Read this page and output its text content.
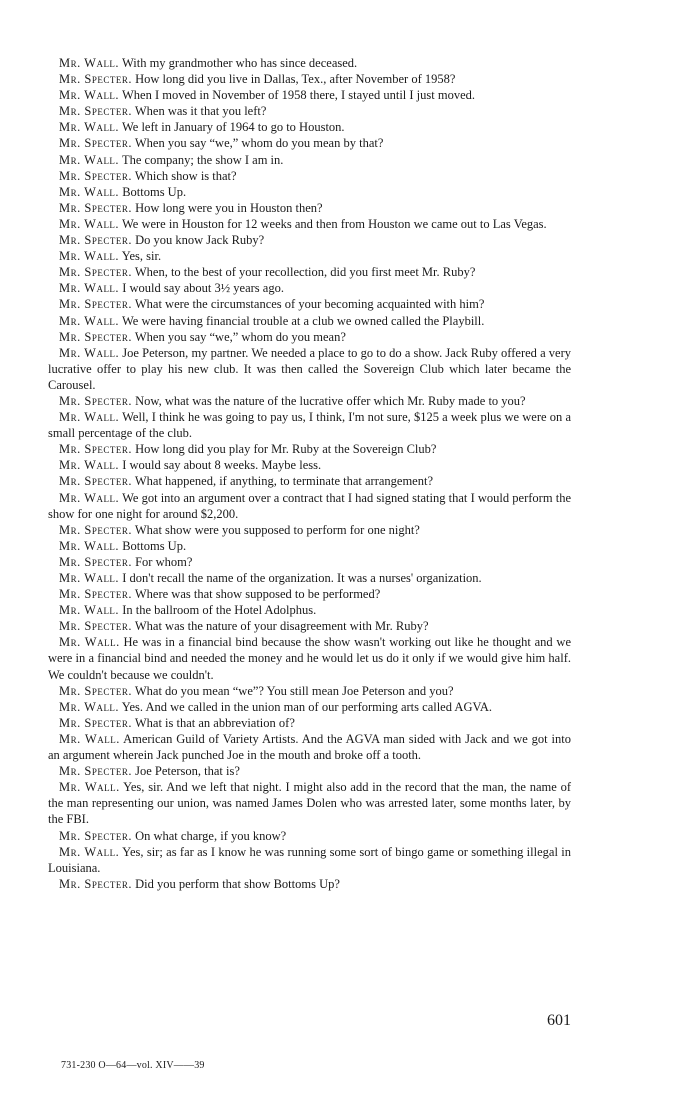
Mr. Wall. With my grandmother who has since deceased.

Mr. Specter. How long did you live in Dallas, Tex., after November of 1958?

Mr. Wall. When I moved in November of 1958 there, I stayed until I just moved.

Mr. Specter. When was it that you left?

Mr. Wall. We left in January of 1964 to go to Houston.

Mr. Specter. When you say “we,” whom do you mean by that?

Mr. Wall. The company; the show I am in.

Mr. Specter. Which show is that?

Mr. Wall. Bottoms Up.

Mr. Specter. How long were you in Houston then?

Mr. Wall. We were in Houston for 12 weeks and then from Houston we came out to Las Vegas.

Mr. Specter. Do you know Jack Ruby?

Mr. Wall. Yes, sir.

Mr. Specter. When, to the best of your recollection, did you first meet Mr. Ruby?

Mr. Wall. I would say about 3½ years ago.

Mr. Specter. What were the circumstances of your becoming acquainted with him?

Mr. Wall. We were having financial trouble at a club we owned called the Playbill.

Mr. Specter. When you say “we,” whom do you mean?

Mr. Wall. Joe Peterson, my partner. We needed a place to go to do a show. Jack Ruby offered a very lucrative offer to play his new club. It was then called the Sovereign Club which later became the Carousel.

Mr. Specter. Now, what was the nature of the lucrative offer which Mr. Ruby made to you?

Mr. Wall. Well, I think he was going to pay us, I think, I'm not sure, $125 a week plus we were on a small percentage of the club.

Mr. Specter. How long did you play for Mr. Ruby at the Sovereign Club?

Mr. Wall. I would say about 8 weeks. Maybe less.

Mr. Specter. What happened, if anything, to terminate that arrangement?

Mr. Wall. We got into an argument over a contract that I had signed stating that I would perform the show for one night for around $2,200.

Mr. Specter. What show were you supposed to perform for one night?

Mr. Wall. Bottoms Up.

Mr. Specter. For whom?

Mr. Wall. I don't recall the name of the organization. It was a nurses' organization.

Mr. Specter. Where was that show supposed to be performed?

Mr. Wall. In the ballroom of the Hotel Adolphus.

Mr. Specter. What was the nature of your disagreement with Mr. Ruby?

Mr. Wall. He was in a financial bind because the show wasn't working out like he thought and we were in a financial bind and needed the money and he would let us do it only if we would give him half. We couldn't because we couldn't.

Mr. Specter. What do you mean “we”? You still mean Joe Peterson and you?

Mr. Wall. Yes. And we called in the union man of our performing arts called AGVA.

Mr. Specter. What is that an abbreviation of?

Mr. Wall. American Guild of Variety Artists. And the AGVA man sided with Jack and we got into an argument wherein Jack punched Joe in the mouth and broke off a tooth.

Mr. Specter. Joe Peterson, that is?

Mr. Wall. Yes, sir. And we left that night. I might also add in the record that the man, the name of the man representing our union, was named James Dolen who was arrested later, some months later, by the FBI.

Mr. Specter. On what charge, if you know?

Mr. Wall. Yes, sir; as far as I know he was running some sort of bingo game or something illegal in Louisiana.

Mr. Specter. Did you perform that show Bottoms Up?

601
731-230 O—64—vol. XIV——39
